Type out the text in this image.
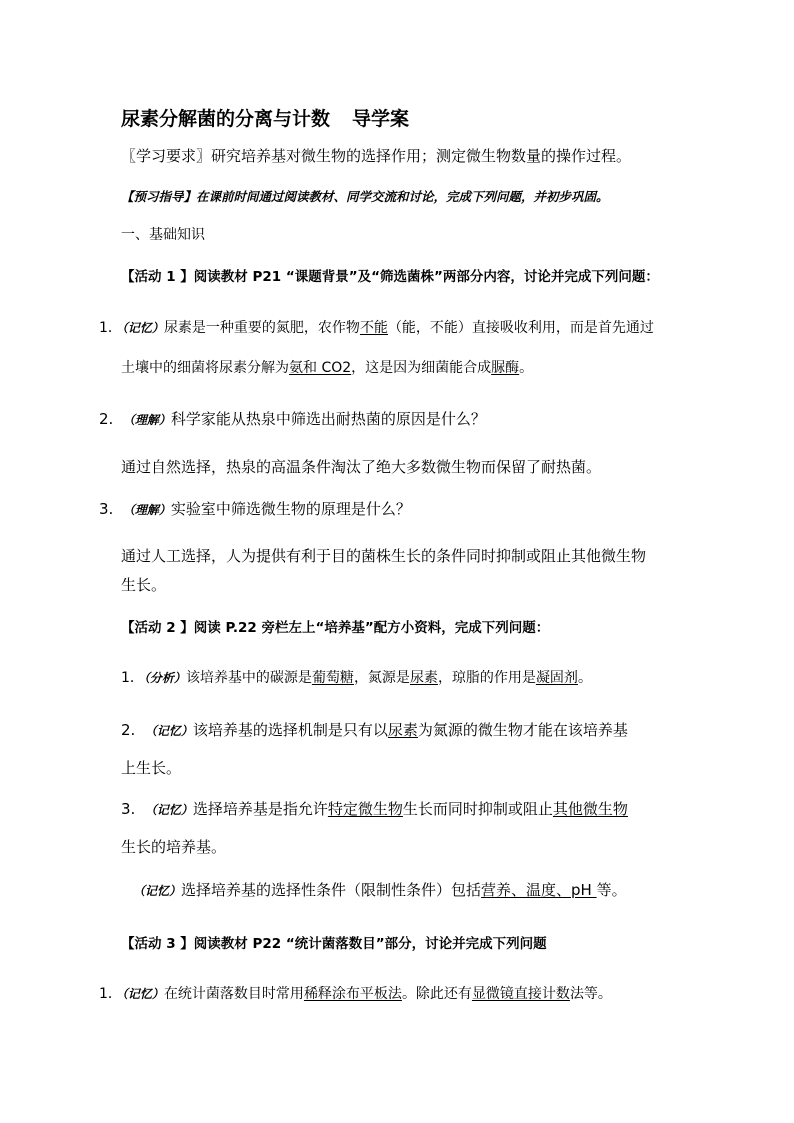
尿素分解菌的分离与计数 导学案
〖学习要求〗研究培养基对微生物的选择作用；测定微生物数量的操作过程。
【预习指导】在课前时间通过阅读教材、同学交流和讨论，完成下列问题，并初步巩固。
一、基础知识
【活动 1 】阅读教材 P21 “课题背景”及“筛选菌株”两部分内容，讨论并完成下列问题：
1．（记忆）尿素是一种重要的氮肥，农作物不能（能，不能）直接吸收利用，而是首先通过
土壤中的细菌将尿素分解为氨和 CO2，这是因为细菌能合成脲酶。
2. （理解）科学家能从热泉中筛选出耐热菌的原因是什么？
通过自然选择，热泉的高温条件淘汰了绝大多数微生物而保留了耐热菌。
3. （理解）实验室中筛选微生物的原理是什么？
通过人工选择，人为提供有利于目的菌株生长的条件同时抑制或阻止其他微生物
生长。
【活动 2 】阅读 P.22 旁栏左上“培养基”配方小资料，完成下列问题：
1．（分析）该培养基中的碳源是葡萄糖，氮源是尿素，琼脂的作用是凝固剂。
2. （记忆）该培养基的选择机制是只有以尿素为氮源的微生物才能在该培养基
上生长。
3. （记忆）选择培养基是指允许特定微生物生长而同时抑制或阻止其他微生物
生长的培养基。
（记忆）选择培养基的选择性条件（限制性条件）包括营养、温度、pH 等。
【活动 3 】阅读教材 P22 “统计菌落数目”部分，讨论并完成下列问题
1．（记忆）在统计菌落数目时常用稀释涂布平板法。除此还有显微镜直接计数法等。
